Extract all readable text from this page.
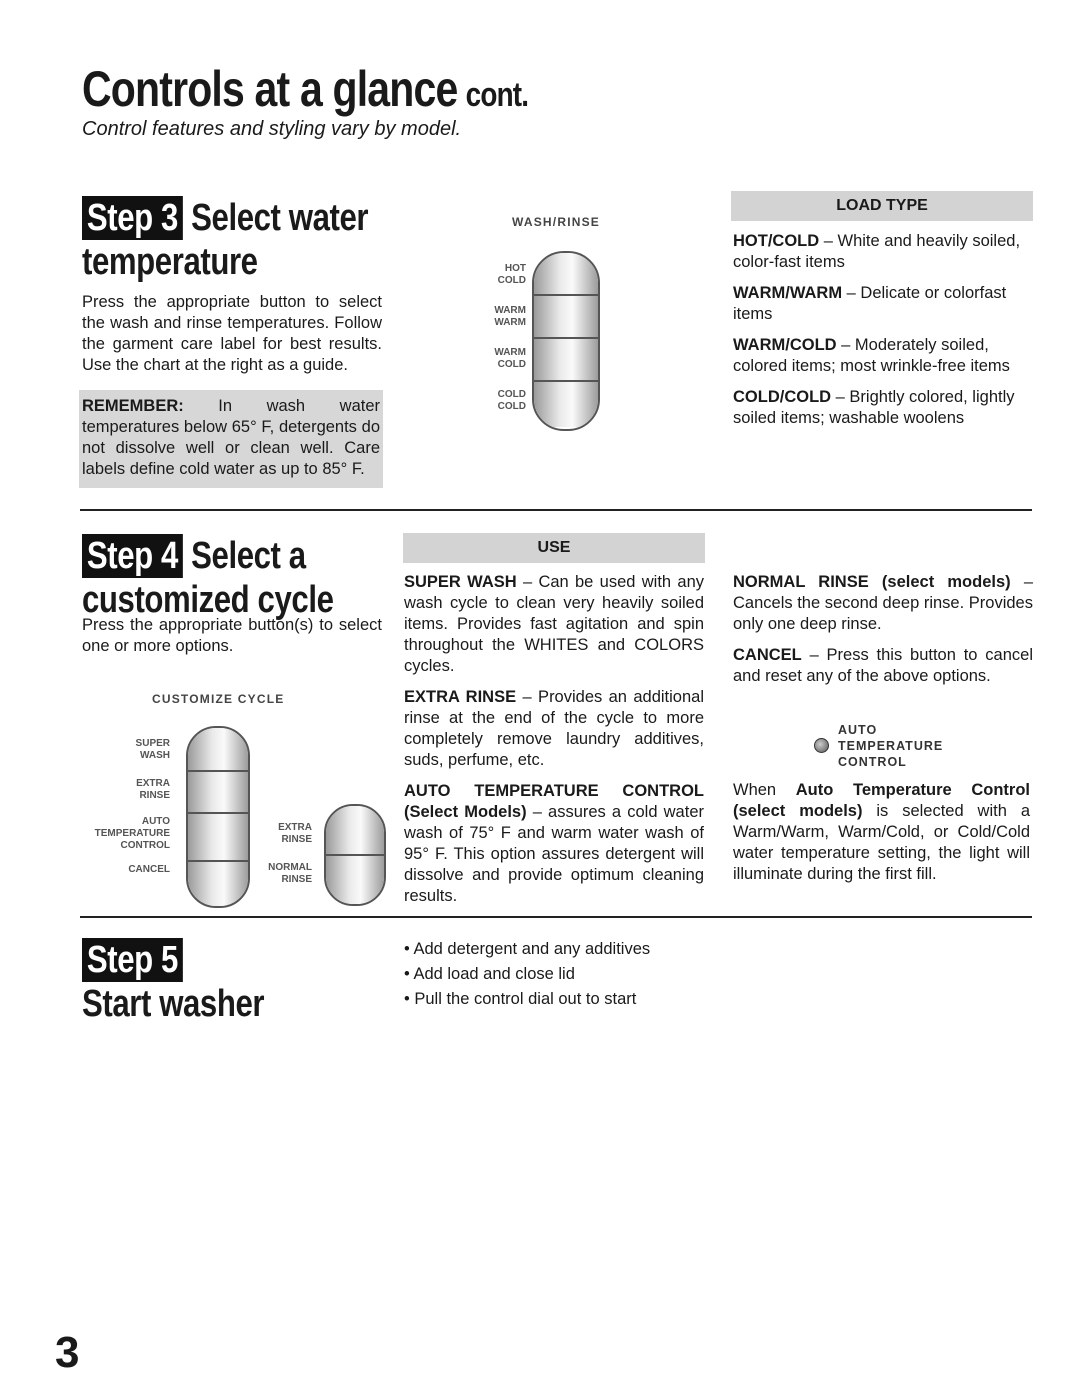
Controls at a glance cont.
Control features and styling vary by model.
Step 3 Select water
temperature
Press the appropriate button to select the wash and rinse temperatures. Follow the garment care label for best results. Use the chart at the right as a guide.
REMEMBER: In wash water temperatures below 65° F, detergents do not dissolve well or clean well. Care labels define cold water as up to 85° F.
WASH/RINSE
HOT
COLD
WARM
WARM
WARM
COLD
COLD
COLD
LOAD TYPE

HOT/COLD – White and heavily soiled, color-fast items

WARM/WARM – Delicate or colorfast items

WARM/COLD – Moderately soiled, colored items; most wrinkle-free items

COLD/COLD – Brightly colored, lightly soiled items; washable woolens

Step 4 Select a
customized cycle
Press the appropriate button(s) to select one or more options.
CUSTOMIZE CYCLE
SUPER
WASH
EXTRA
RINSE
AUTO
TEMPERATURE
CONTROL
CANCEL
EXTRA
RINSE
NORMAL
RINSE
USE

SUPER WASH – Can be used with any wash cycle to clean very heavily soiled items. Provides fast agitation and spin throughout the WHITES and COLORS cycles.

EXTRA RINSE – Provides an additional rinse at the end of the cycle to more completely remove laundry additives, suds, perfume, etc.

AUTO TEMPERATURE CONTROL (Select Models) – assures a cold water wash of 75° F and warm water wash of 95° F. This option assures detergent will dissolve and provide optimum cleaning results.

NORMAL RINSE (select models) – Cancels the second deep rinse. Provides only one deep rinse.

CANCEL – Press this button to cancel and reset any of the above options.

AUTO
TEMPERATURE
CONTROL
When Auto Temperature Control (select models) is selected with a Warm/Warm, Warm/Cold, or Cold/Cold water temperature setting, the light will illuminate during the first fill.
Step 5
Start washer
• Add detergent and any additives
• Add load and close lid
• Pull the control dial out to start
3
